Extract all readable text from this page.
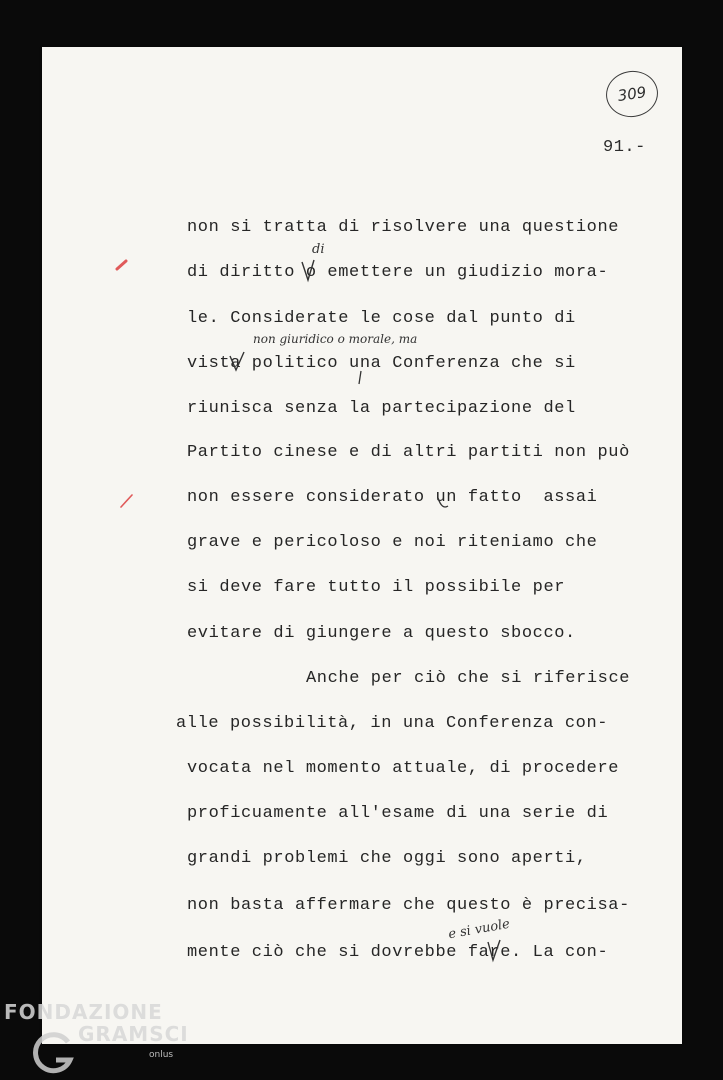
309
91.-
non si tratta di risolvere una questione
di diritto o emettere un giudizio mora-
le. Considerate le cose dal punto di
vista politico una Conferenza che si
riunisca senza la partecipazione del
Partito cinese e di altri partiti non può
non essere considerato un fatto  assai
grave e pericoloso e noi riteniamo che
si deve fare tutto il possibile per
evitare di giungere a questo sbocco.
Anche per ciò che si riferisce
alle possibilità, in una Conferenza con-
vocata nel momento attuale, di procedere
proficuamente all'esame di una serie di
grandi problemi che oggi sono aperti,
non basta affermare che questo è precisa-
mente ciò che si dovrebbe fare. La con-
di
non giuridico o morale, ma
e si vuole
FONDAZIONE
GRAMSCI
onlus
